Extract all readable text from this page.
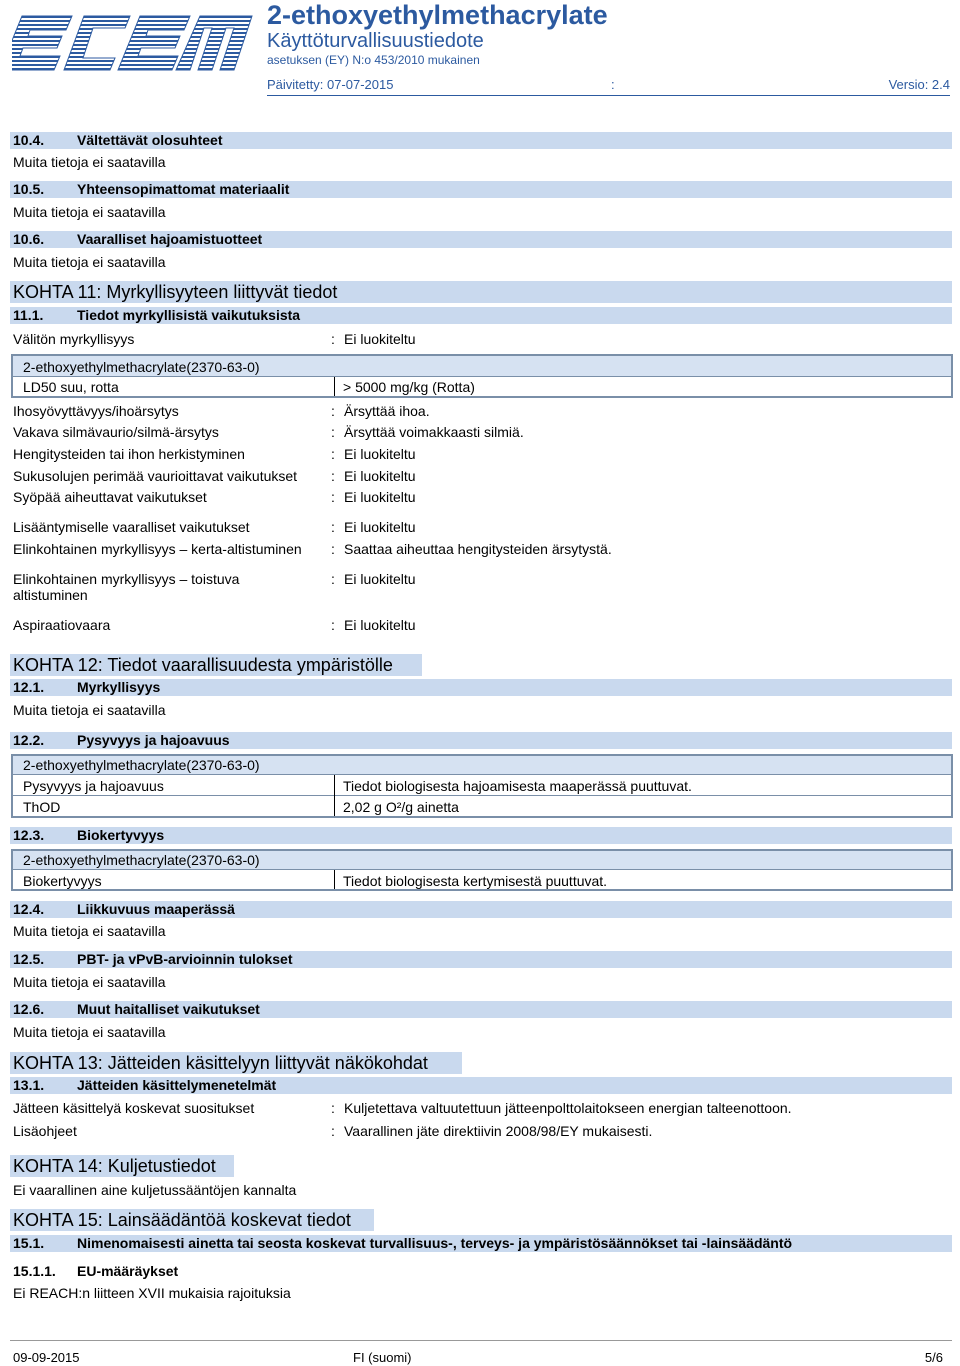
2-ethoxyethylmethacrylate
Käyttöturvallisuustiedote
asetuksen (EY) N:o 453/2010 mukainen
Päivitetty: 07-07-2015	:	Versio: 2.4
10.4. Vältettävät olosuhteet
Muita tietoja ei saatavilla
10.5. Yhteensopimattomat materiaalit
Muita tietoja ei saatavilla
10.6. Vaaralliset hajoamistuotteet
Muita tietoja ei saatavilla
KOHTA 11: Myrkyllisyyteen liittyvät tiedot
11.1. Tiedot myrkyllisistä vaikutuksista
Välitön myrkyllisyys	: Ei luokiteltu
2-ethoxyethylmethacrylate(2370-63-0)
LD50 suu, rotta	> 5000 mg/kg (Rotta)
Ihosyövyttävyys/ihoärsytys	: Ärsyttää ihoa.
Vakava silmävaurio/silmä-ärsytys	: Ärsyttää voimakkaasti silmiä.
Hengitysteiden tai ihon herkistyminen	: Ei luokiteltu
Sukusolujen perimää vaurioittavat vaikutukset : Ei luokiteltu
Syöpää aiheuttavat vaikutukset	: Ei luokiteltu
Lisääntymiselle vaaralliset vaikutukset	: Ei luokiteltu
Elinkohtainen myrkyllisyys – kerta-altistuminen : Saattaa aiheuttaa hengitysteiden ärsytystä.
Elinkohtainen myrkyllisyys – toistuva
altistuminen
: Ei luokiteltu
Aspiraatiovaara	: Ei luokiteltu
KOHTA 12: Tiedot vaarallisuudesta ympäristölle
12.1. Myrkyllisyys
Muita tietoja ei saatavilla
12.2. Pysyvyys ja hajoavuus
2-ethoxyethylmethacrylate(2370-63-0)
Pysyvyys ja hajoavuus	Tiedot biologisesta hajoamisesta maaperässä puuttuvat.
ThOD	2,02 g O²/g ainetta
12.3. Biokertyvyys
2-ethoxyethylmethacrylate(2370-63-0)
Biokertyvyys	Tiedot biologisesta kertymisestä puuttuvat.
12.4. Liikkuvuus maaperässä
Muita tietoja ei saatavilla
12.5. PBT- ja vPvB-arvioinnin tulokset
Muita tietoja ei saatavilla
12.6. Muut haitalliset vaikutukset
Muita tietoja ei saatavilla
KOHTA 13: Jätteiden käsittelyyn liittyvät näkökohdat
13.1. Jätteiden käsittelymenetelmät
Jätteen käsittelyä koskevat suositukset	: Kuljetettava valtuutettuun jätteenpolttolaitokseen energian talteenottoon.
Lisäohjeet	: Vaarallinen jäte direktiivin 2008/98/EY mukaisesti.
KOHTA 14: Kuljetustiedot
Ei vaarallinen aine kuljetussääntöjen kannalta
KOHTA 15: Lainsäädäntöä koskevat tiedot
15.1. Nimenomaisesti ainetta tai seosta koskevat turvallisuus-, terveys- ja ympäristösäännökset tai -lainsäädäntö
15.1.1. EU-määräykset
Ei REACH:n liitteen XVII mukaisia rajoituksia
09-09-2015	FI (suomi)	5/6
